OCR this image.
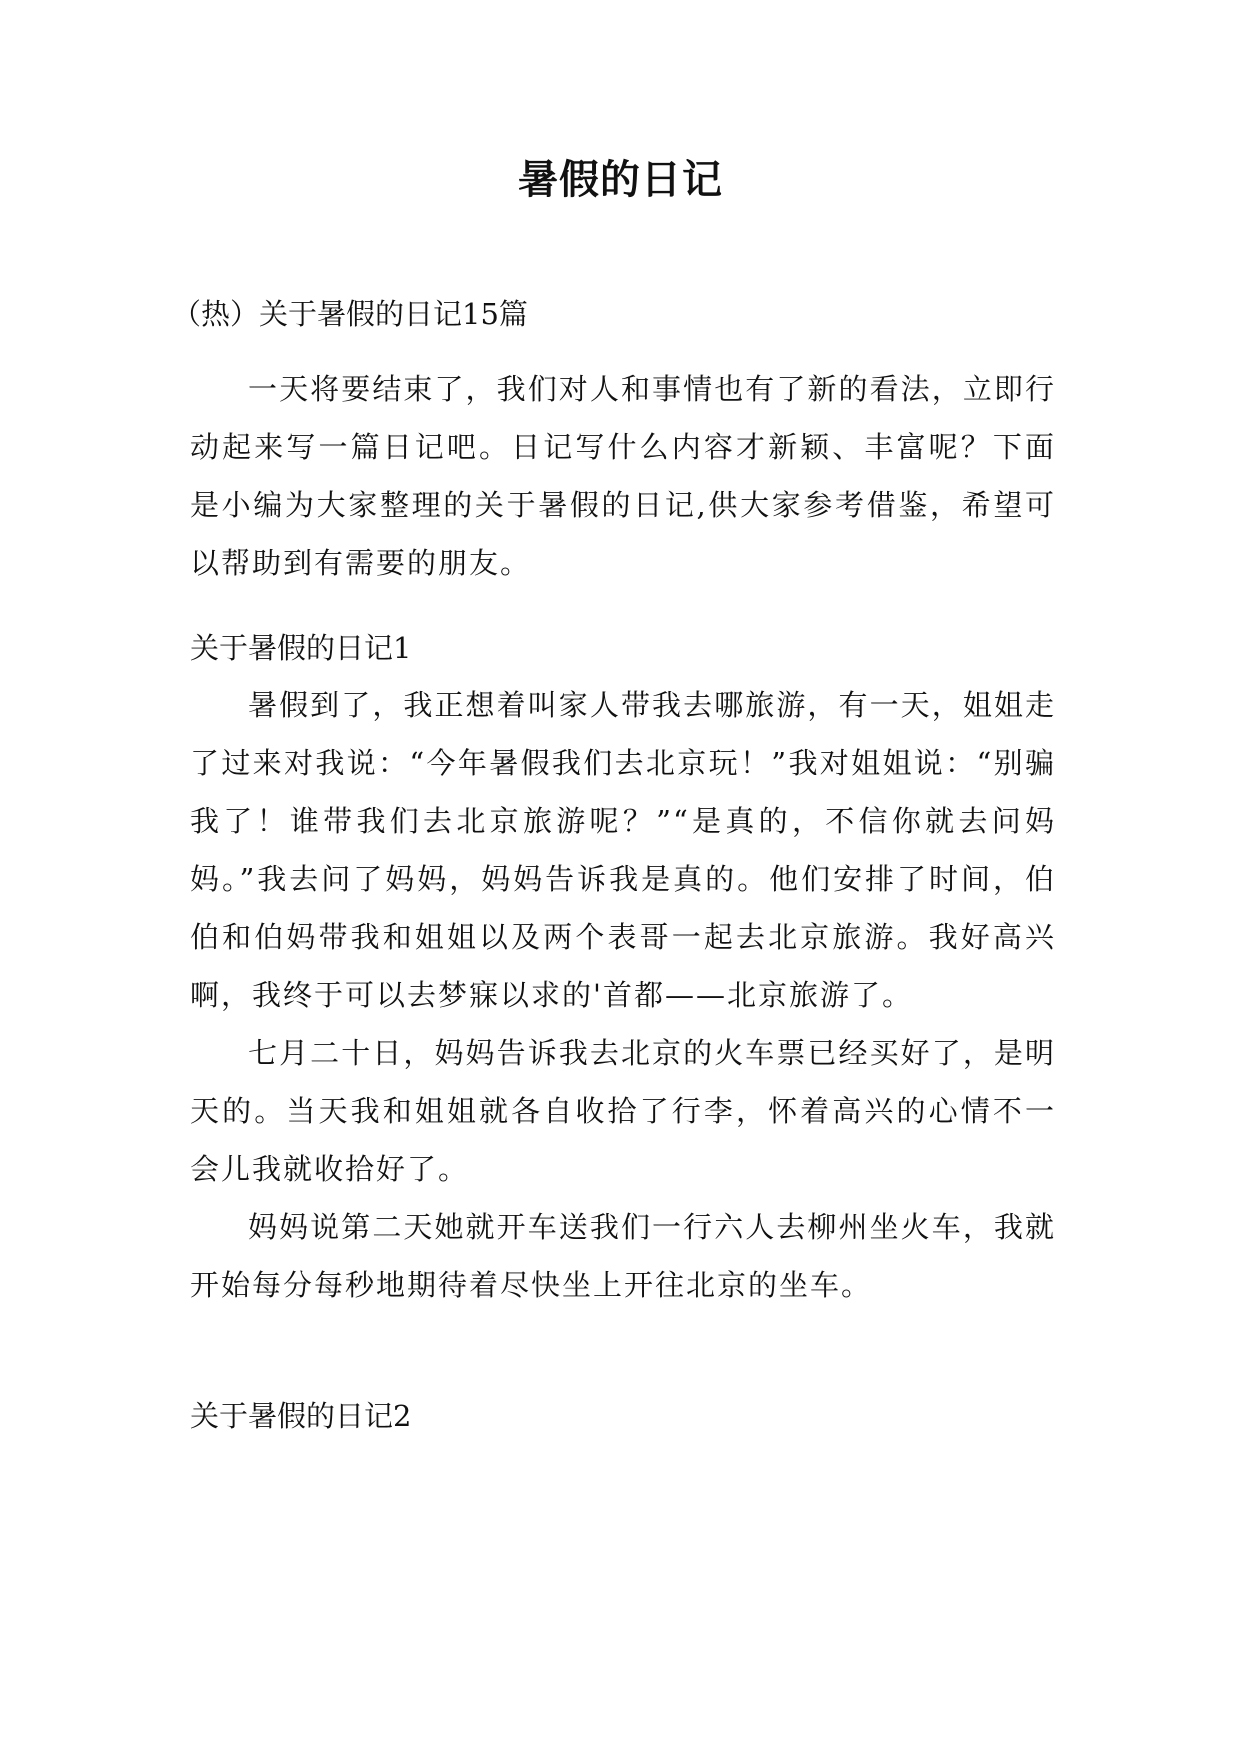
暑假的日记

（热）关于暑假的日记15篇

一天将要结束了，我们对人和事情也有了新的看法，立即行动起来写一篇日记吧。日记写什么内容才新颖、丰富呢？下面是小编为大家整理的关于暑假的日记,供大家参考借鉴，希望可以帮助到有需要的朋友。

关于暑假的日记1

暑假到了，我正想着叫家人带我去哪旅游，有一天，姐姐走了过来对我说：“今年暑假我们去北京玩！”我对姐姐说：“别骗我了！谁带我们去北京旅游呢？”“是真的，不信你就去问妈妈。”我去问了妈妈，妈妈告诉我是真的。他们安排了时间，伯伯和伯妈带我和姐姐以及两个表哥一起去北京旅游。我好高兴啊，我终于可以去梦寐以求的'首都——北京旅游了。

七月二十日，妈妈告诉我去北京的火车票已经买好了，是明天的。当天我和姐姐就各自收拾了行李，怀着高兴的心情不一会儿我就收拾好了。

妈妈说第二天她就开车送我们一行六人去柳州坐火车，我就开始每分每秒地期待着尽快坐上开往北京的坐车。

关于暑假的日记2
